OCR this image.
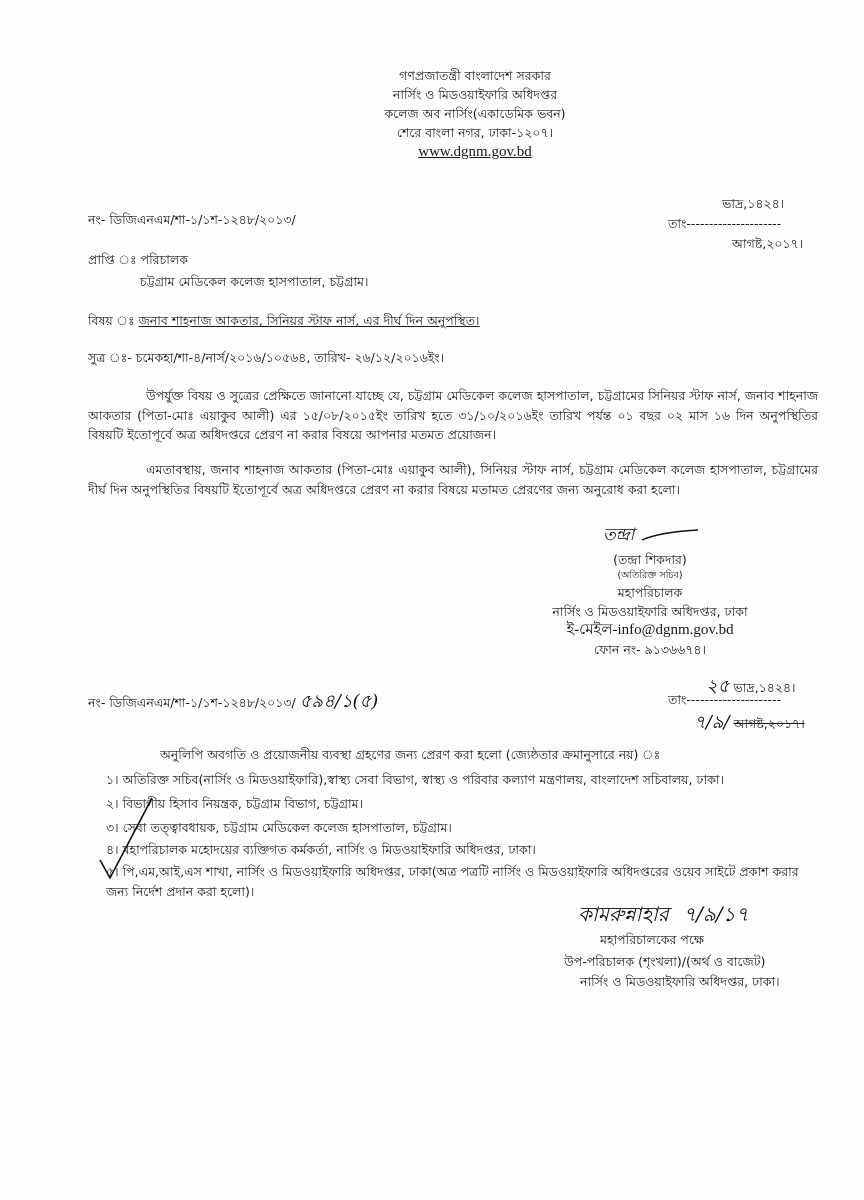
গণপ্রজাতন্ত্রী বাংলাদেশ সরকার
নার্সিং ও মিডওয়াইফারি অধিদপ্তর
কলেজ অব নার্সিং(একাডেমিক ভবন)
শেরে বাংলা নগর, ঢাকা-১২০৭।
www.dgnm.gov.bd
নং- ডিজিএনএম/শা-১/১শ-১২৪৮/২০১৩/
ভাদ্র,১৪২৪।
তাং---------------------
আগষ্ট,২০১৭।
প্রাপ্তি ঃ পরিচালক
চট্টগ্রাম মেডিকেল কলেজ হাসপাতাল, চট্টগ্রাম।
বিষয় ঃ জনাব শাহনাজ আকতার, সিনিয়র স্টাফ নার্স, এর দীর্ঘ দিন অনুপস্থিত।
সুত্র ঃ- চমেকহা/শা-৪/নার্স/২০১৬/১০৫৬৪, তারিখ- ২৬/১২/২০১৬ইং।
উপর্যুক্ত বিষয় ও সুত্রের প্রেক্ষিতে জানানো যাচ্ছে যে, চট্টগ্রাম মেডিকেল কলেজ হাসপাতাল, চট্টগ্রামের সিনিয়র স্টাফ নার্স, জনাব শাহনাজ আকতার (পিতা-মোঃ এয়াকুব আলী) এর ১৫/০৮/২০১৫ইং তারিখ হতে ৩১/১০/২০১৬ইং তারিখ পর্যন্ত ০১ বছর ০২ মাস ১৬ দিন অনুপস্থিতির বিষয়টি ইতোপূর্বে অত্র অধিদপ্তরে প্রেরণ না করার বিষয়ে আপনার মতমত প্রয়োজন।
এমতাবস্থায়, জনাব শাহনাজ আকতার (পিতা-মোঃ এয়াকুব আলী), সিনিয়র স্টাফ নার্স, চট্টগ্রাম মেডিকেল কলেজ হাসপাতাল, চট্টগ্রামের দীর্ঘ দিন অনুপস্থিতির বিষয়টি ইতোপূর্বে অত্র অধিদপ্তরে প্রেরণ না করার বিষয়ে মতামত প্রেরণের জন্য অনুরোধ করা হলো।
তন্দ্রা
(তন্দ্রা শিকদার)
(অতিরিক্ত সচিব)
মহাপরিচালক
নার্সিং ও মিডওয়াইফারি অধিদপ্তর, ঢাকা
ই-মেইল-info@dgnm.gov.bd
ফোন নং- ৯১৩৬৬৭৪।
নং- ডিজিএনএম/শা-১/১শ-১২৪৮/২০১৩/ ৫৯৪/১(৫)
২৫ ভাদ্র,১৪২৪।
তাং---------------------
৭/৯/ আগষ্ট,২০১৭।
অনুলিপি অবগতি ও প্রয়োজনীয় ব্যবস্থা গ্রহণের জন্য প্রেরণ করা হলো (জ্যেষ্ঠতার ক্রমানুসারে নয়) ঃ
১। অতিরিক্ত সচিব(নার্সিং ও মিডওয়াইফারি),স্বাস্থ্য সেবা বিভাগ, স্বাস্থ্য ও পরিবার কল্যাণ মন্ত্রণালয়, বাংলাদেশ সচিবালয়, ঢাকা।
২। বিভাগীয় হিসাব নিয়ন্ত্রক, চট্টগ্রাম বিভাগ, চট্টগ্রাম।
৩। সেবা তত্ত্বাবধায়ক, চট্টগ্রাম মেডিকেল কলেজ হাসপাতাল, চট্টগ্রাম।
৪। মহাপরিচালক মহোদয়ের ব্যক্তিগত কর্মকর্তা, নার্সিং ও মিডওয়াইফারি অধিদপ্তর, ঢাকা।
৫। পি,এম,আই,এস শাখা, নার্সিং ও মিডওয়াইফারি অধিদপ্তর, ঢাকা(অত্র পত্রটি নার্সিং ও মিডওয়াইফারি অধিদপ্তরের ওয়েব সাইটে প্রকাশ করার জন্য নির্দেশ প্রদান করা হলো)।
কামরুন্নাহার ৭/৯/১৭
মহাপরিচালকের পক্ষে
উপ-পরিচালক (শৃংখলা)/(অর্থ ও বাজেট)
নার্সিং ও মিডওয়াইফারি অধিদপ্তর, ঢাকা।
